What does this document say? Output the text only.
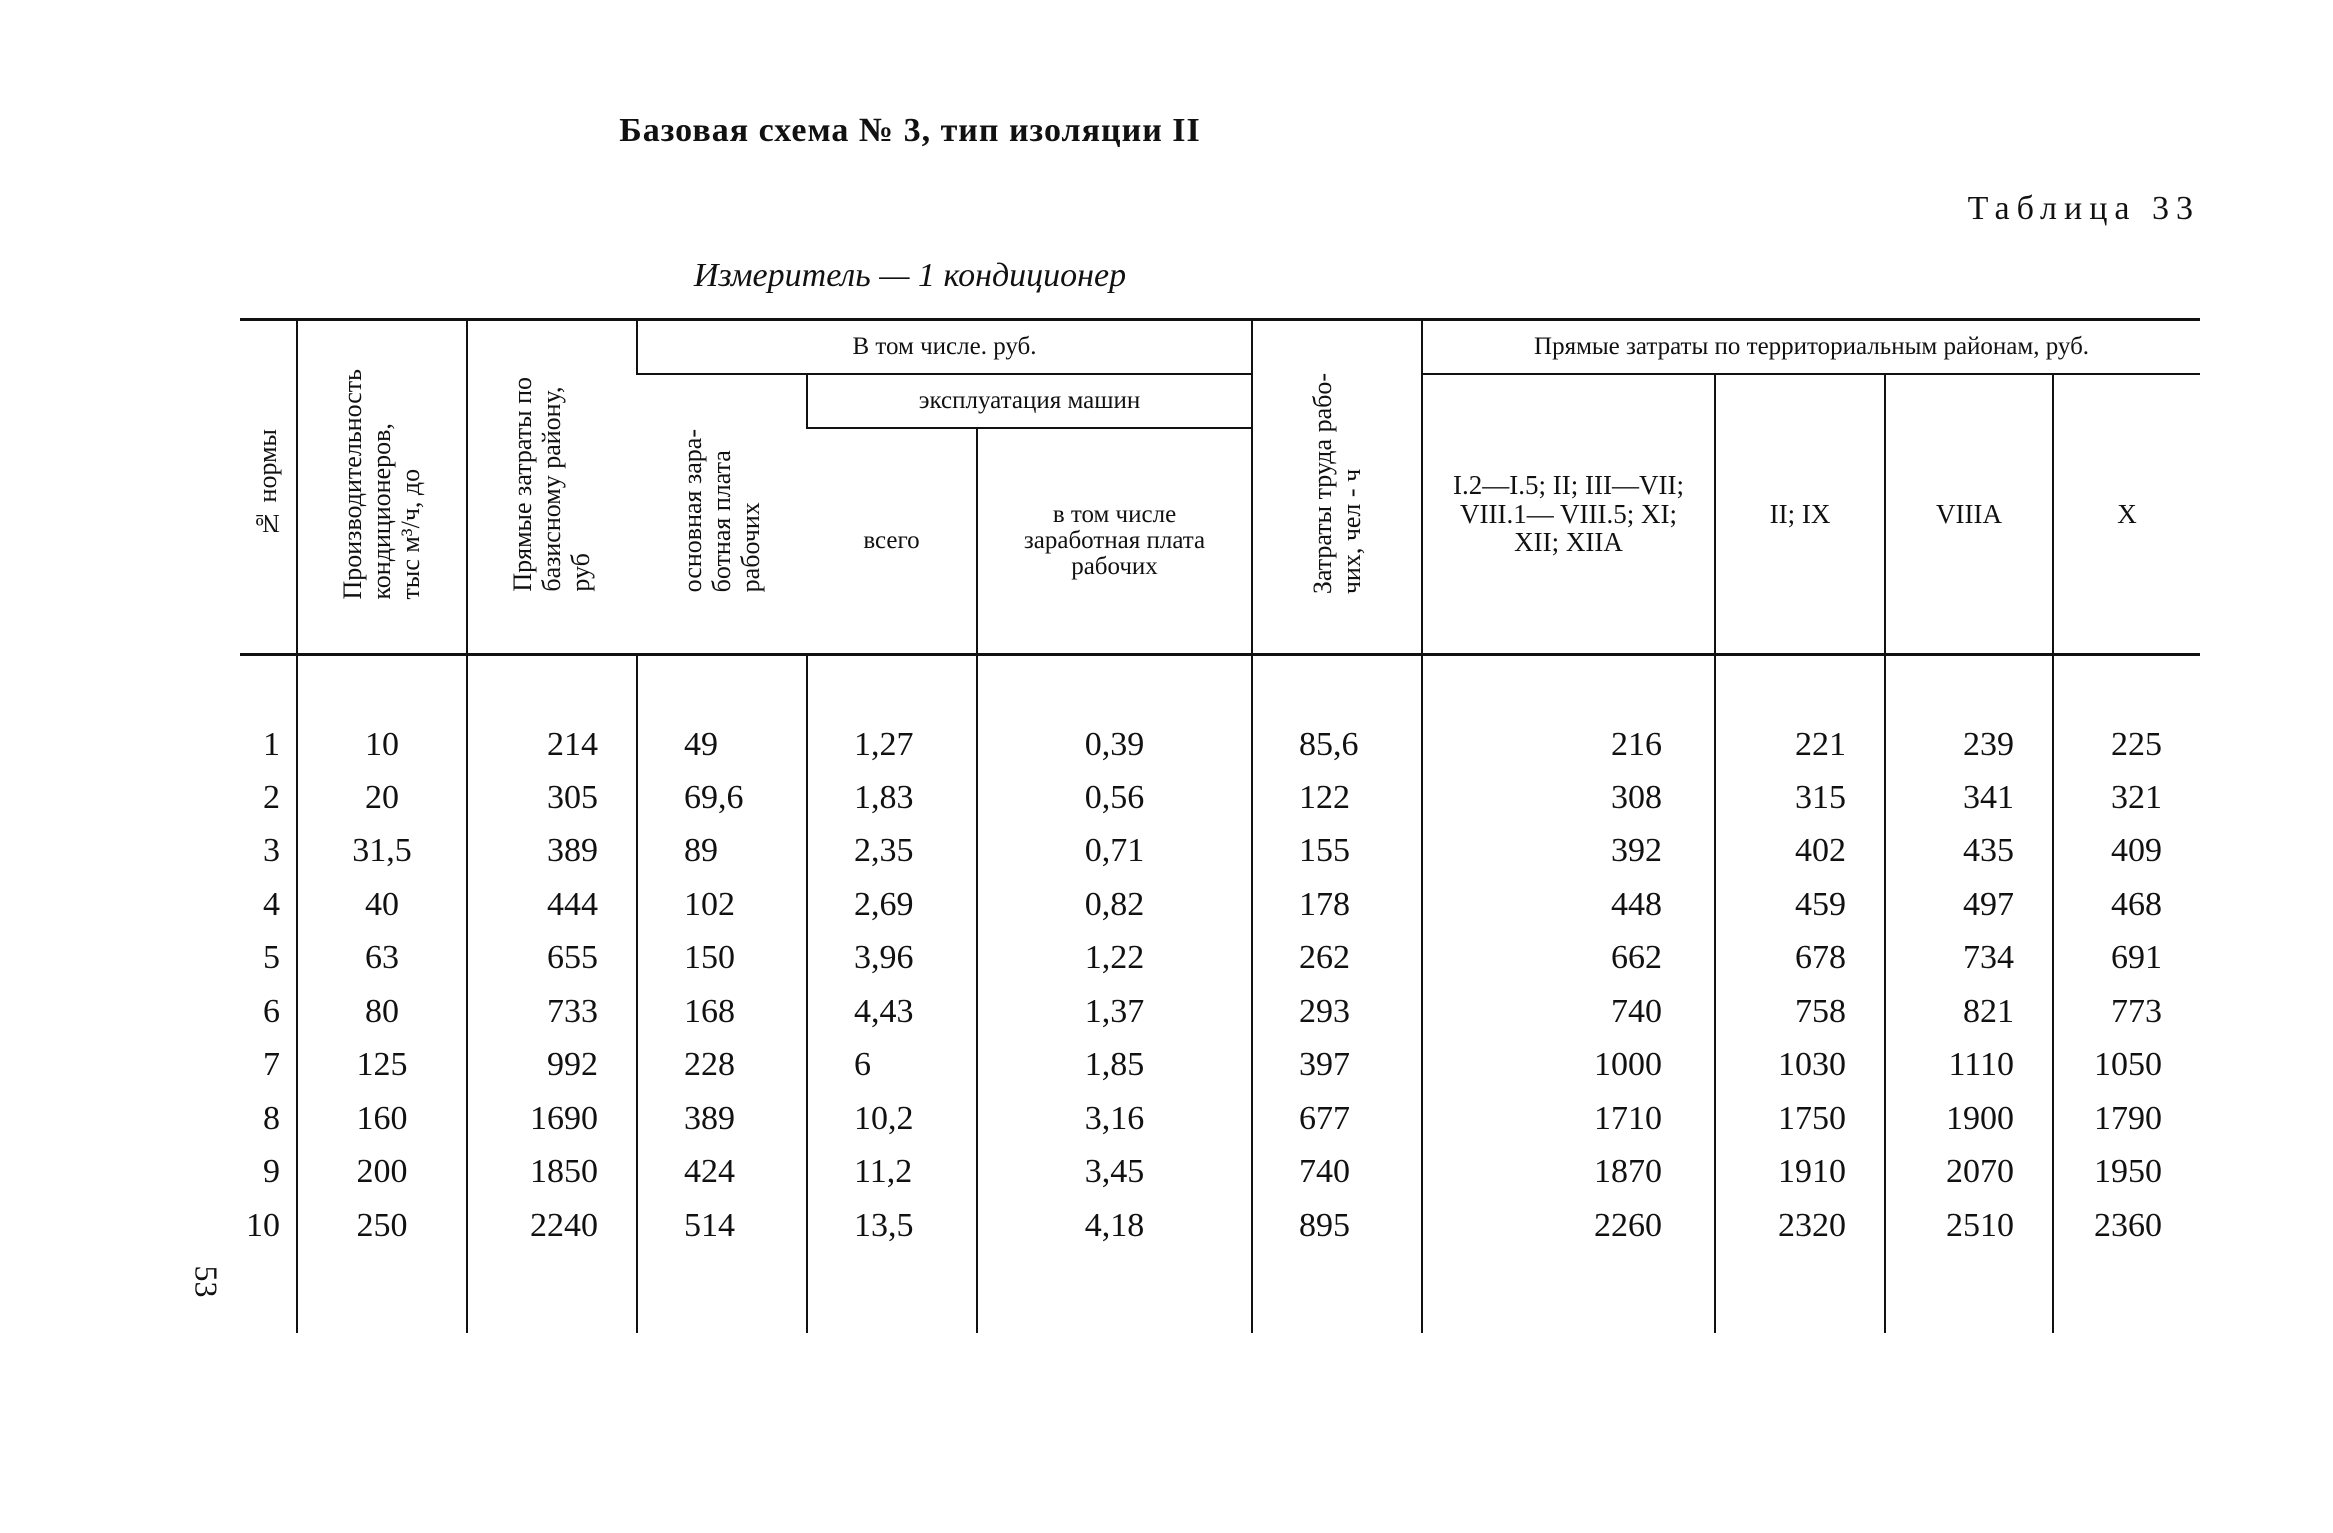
Базовая схема № 3, тип изоляции II
Таблица 33
Измеритель — 1 кондиционер
53
№ нормы	Производительность
кондиционеров,
тыс м³/ч, до	Прямые затраты по
базисному району,
руб	В том числе. руб.			Затраты труда рабо-
чих, чел - ч	Прямые затраты по территориальным районам, руб.			
			основная зара-
ботная плата
рабочих	эксплуатация машин			I.2—I.5; II; III—VII; VIII.1— VIII.5; XI; XII; XIIA	II; IX	VIIIA	X
				всего	в том числе заработная плата рабочих					
1	10	214	49	1,27	0,39	85,6	216	221	239	225
2	20	305	69,6	1,83	0,56	122	308	315	341	321
3	31,5	389	89	2,35	0,71	155	392	402	435	409
4	40	444	102	2,69	0,82	178	448	459	497	468
5	63	655	150	3,96	1,22	262	662	678	734	691
6	80	733	168	4,43	1,37	293	740	758	821	773
7	125	992	228	6	1,85	397	1000	1030	1110	1050
8	160	1690	389	10,2	3,16	677	1710	1750	1900	1790
9	200	1850	424	11,2	3,45	740	1870	1910	2070	1950
10	250	2240	514	13,5	4,18	895	2260	2320	2510	2360
